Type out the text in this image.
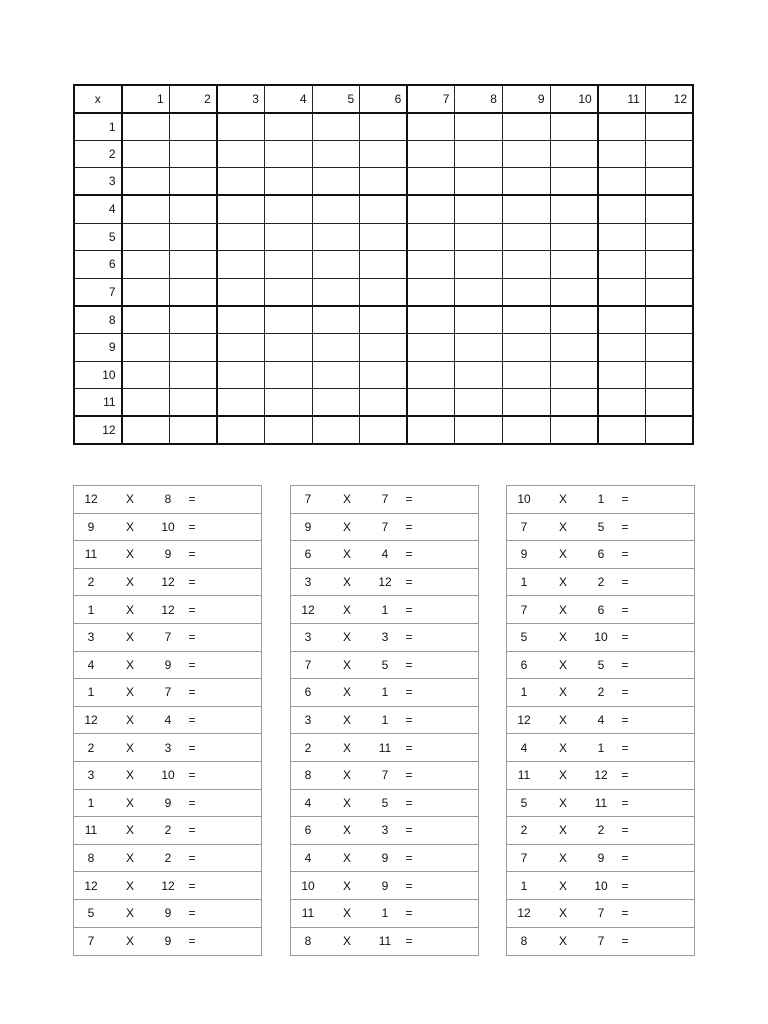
x	1	2	3	4	5	6	7	8	9	10	11	12
1												
2												
3												
4												
5												
6												
7												
8												
9												
10												
11												
12												
12	X	8	=
9	X	10	=
11	X	9	=
2	X	12	=
1	X	12	=
3	X	7	=
4	X	9	=
1	X	7	=
12	X	4	=
2	X	3	=
3	X	10	=
1	X	9	=
11	X	2	=
8	X	2	=
12	X	12	=
5	X	9	=
7	X	9	=
7	X	7	=
9	X	7	=
6	X	4	=
3	X	12	=
12	X	1	=
3	X	3	=
7	X	5	=
6	X	1	=
3	X	1	=
2	X	11	=
8	X	7	=
4	X	5	=
6	X	3	=
4	X	9	=
10	X	9	=
11	X	1	=
8	X	11	=
10	X	1	=
7	X	5	=
9	X	6	=
1	X	2	=
7	X	6	=
5	X	10	=
6	X	5	=
1	X	2	=
12	X	4	=
4	X	1	=
11	X	12	=
5	X	11	=
2	X	2	=
7	X	9	=
1	X	10	=
12	X	7	=
8	X	7	=
